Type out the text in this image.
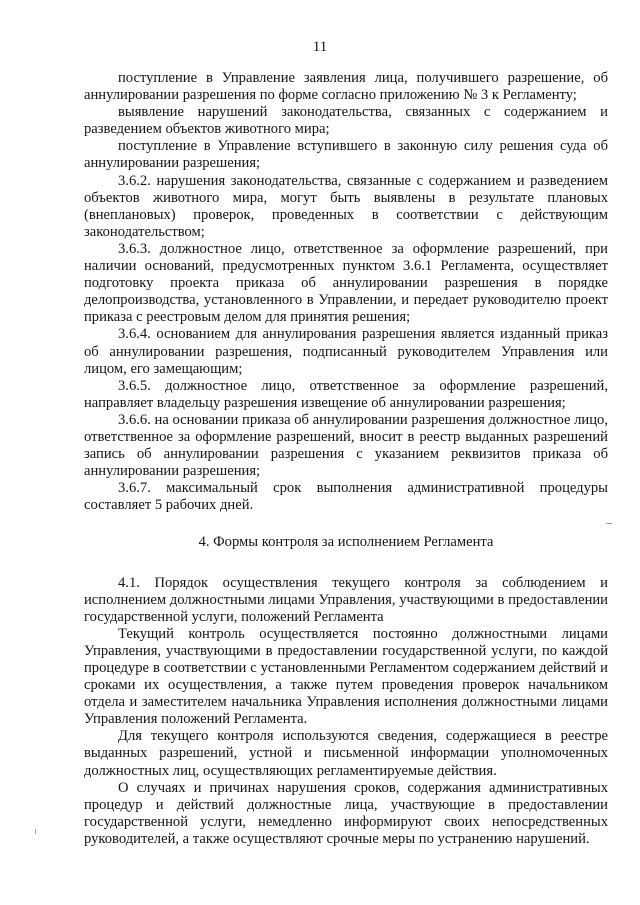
11

поступление в Управление заявления лица, получившего разрешение, об аннулировании разрешения по форме согласно приложению № 3 к Регламенту;

выявление нарушений законодательства, связанных с содержанием и разведением объектов животного мира;

поступление в Управление вступившего в законную силу решения суда об аннулировании разрешения;

3.6.2. нарушения законодательства, связанные с содержанием и разведением объектов животного мира, могут быть выявлены в результате плановых (внеплановых) проверок, проведенных в соответствии с действующим законодательством;

3.6.3. должностное лицо, ответственное за оформление разрешений, при наличии оснований, предусмотренных пунктом 3.6.1 Регламента, осуществляет подготовку проекта приказа об аннулировании разрешения в порядке делопроизводства, установленного в Управлении, и передает руководителю проект приказа с реестровым делом для принятия решения;

3.6.4. основанием для аннулирования разрешения является изданный приказ об аннулировании разрешения, подписанный руководителем Управления или лицом, его замещающим;

3.6.5. должностное лицо, ответственное за оформление разрешений, направляет владельцу разрешения извещение об аннулировании разрешения;

3.6.6. на основании приказа об аннулировании разрешения должностное лицо, ответственное за оформление разрешений, вносит в реестр выданных разрешений запись об аннулировании разрешения с указанием реквизитов приказа об аннулировании разрешения;

3.6.7. максимальный срок выполнения административной процедуры составляет 5 рабочих дней.

4. Формы контроля за исполнением Регламента

4.1. Порядок осуществления текущего контроля за соблюдением и исполнением должностными лицами Управления, участвующими в предоставлении государственной услуги, положений Регламента

Текущий контроль осуществляется постоянно должностными лицами Управления, участвующими в предоставлении государственной услуги, по каждой процедуре в соответствии с установленными Регламентом содержанием действий и сроками их осуществления, а также путем проведения проверок начальником отдела и заместителем начальника Управления исполнения должностными лицами Управления положений Регламента.

Для текущего контроля используются сведения, содержащиеся в реестре выданных разрешений, устной и письменной информации уполномоченных должностных лиц, осуществляющих регламентируемые действия.

О случаях и причинах нарушения сроков, содержания административных процедур и действий должностные лица, участвующие в предоставлении государственной услуги, немедленно информируют своих непосредственных руководителей, а также осуществляют срочные меры по устранению нарушений.
